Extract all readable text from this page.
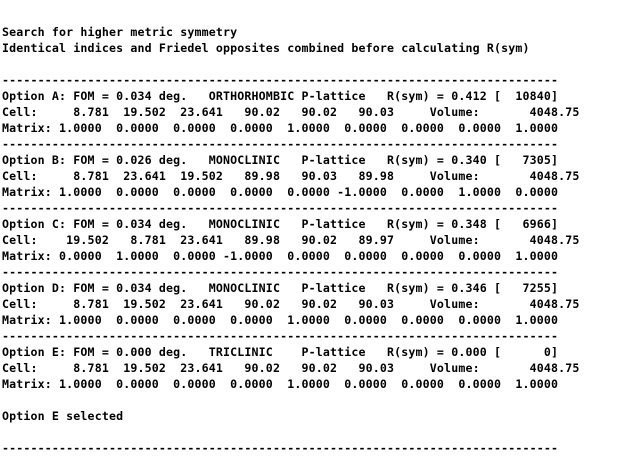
Search for higher metric symmetry
Identical indices and Friedel opposites combined before calculating R(sym)
------------------------------------------------------------------------------
Option A: FOM = 0.034 deg.   ORTHORHOMBIC P-lattice   R(sym) = 0.412 [  10840]
Cell:     8.781  19.502  23.641   90.02   90.02   90.03     Volume:       4048.75
Matrix: 1.0000  0.0000  0.0000  0.0000  1.0000  0.0000  0.0000  0.0000  1.0000
------------------------------------------------------------------------------
Option B: FOM = 0.026 deg.   MONOCLINIC   P-lattice   R(sym) = 0.340 [   7305]
Cell:     8.781  23.641  19.502   89.98   90.03   89.98     Volume:       4048.75
Matrix: 1.0000  0.0000  0.0000  0.0000  0.0000 -1.0000  0.0000  1.0000  0.0000
------------------------------------------------------------------------------
Option C: FOM = 0.034 deg.   MONOCLINIC   P-lattice   R(sym) = 0.348 [   6966]
Cell:    19.502   8.781  23.641   89.98   90.02   89.97     Volume:       4048.75
Matrix: 0.0000  1.0000  0.0000 -1.0000  0.0000  0.0000  0.0000  0.0000  1.0000
------------------------------------------------------------------------------
Option D: FOM = 0.034 deg.   MONOCLINIC   P-lattice   R(sym) = 0.346 [   7255]
Cell:     8.781  19.502  23.641   90.02   90.02   90.03     Volume:       4048.75
Matrix: 1.0000  0.0000  0.0000  0.0000  1.0000  0.0000  0.0000  0.0000  1.0000
------------------------------------------------------------------------------
Option E: FOM = 0.000 deg.   TRICLINIC    P-lattice   R(sym) = 0.000 [      0]
Cell:     8.781  19.502  23.641   90.02   90.02   90.03     Volume:       4048.75
Matrix: 1.0000  0.0000  0.0000  0.0000  1.0000  0.0000  0.0000  0.0000  1.0000
Option E selected
------------------------------------------------------------------------------
